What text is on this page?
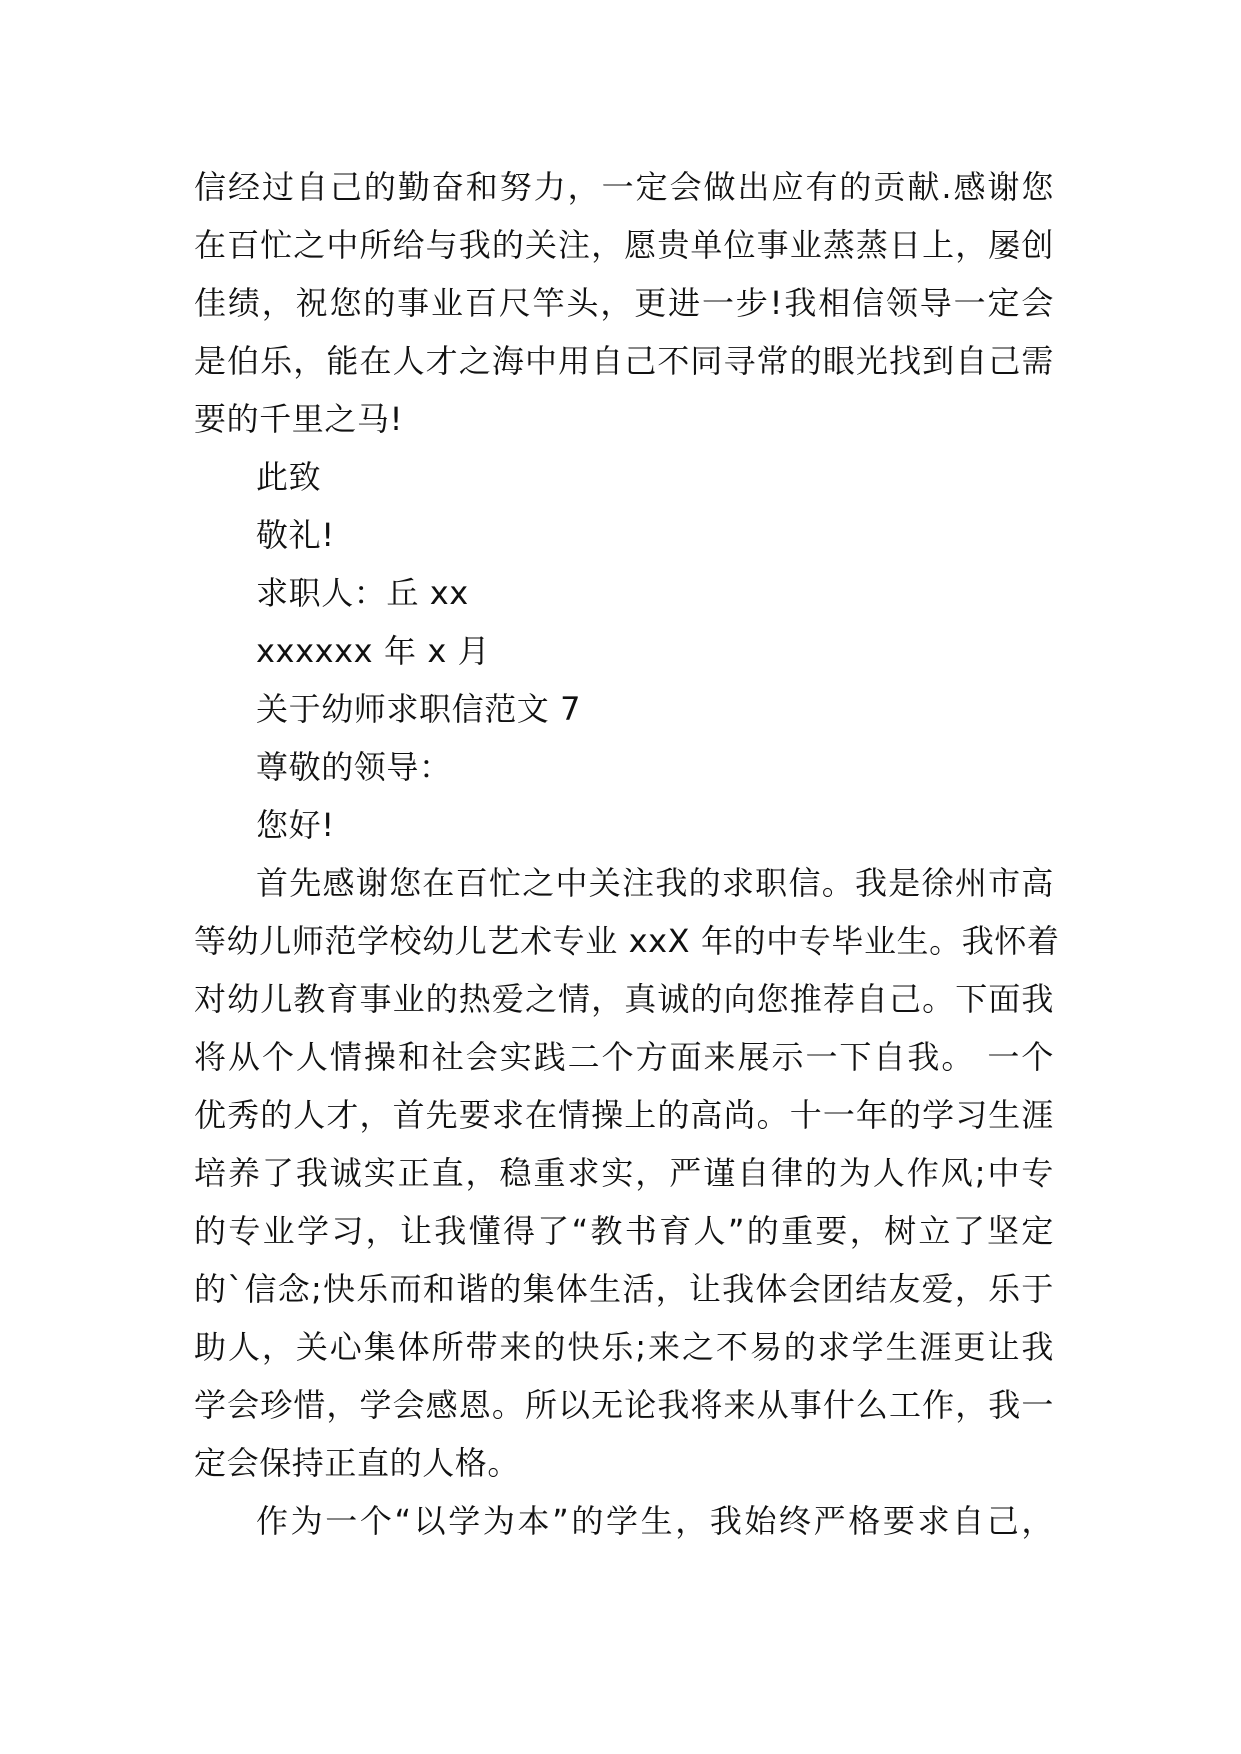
信经过自己的勤奋和努力，一定会做出应有的贡献.感谢您
在百忙之中所给与我的关注，愿贵单位事业蒸蒸日上，屡创
佳绩，祝您的事业百尺竿头，更进一步!我相信领导一定会
是伯乐，能在人才之海中用自己不同寻常的眼光找到自己需
要的千里之马!
此致
敬礼!
求职人：丘 xx
xxxxxx 年 x 月
关于幼师求职信范文 7
尊敬的领导：
您好!
首先感谢您在百忙之中关注我的求职信。我是徐州市高
等幼儿师范学校幼儿艺术专业 xxX 年的中专毕业生。我怀着
对幼儿教育事业的热爱之情，真诚的向您推荐自己。下面我
将从个人情操和社会实践二个方面来展示一下自我。 一个
优秀的人才，首先要求在情操上的高尚。十一年的学习生涯
培养了我诚实正直，稳重求实，严谨自律的为人作风;中专
的专业学习，让我懂得了“教书育人”的重要，树立了坚定
的`信念;快乐而和谐的集体生活，让我体会团结友爱，乐于
助人，关心集体所带来的快乐;来之不易的求学生涯更让我
学会珍惜，学会感恩。所以无论我将来从事什么工作，我一
定会保持正直的人格。
作为一个“以学为本”的学生，我始终严格要求自己，
